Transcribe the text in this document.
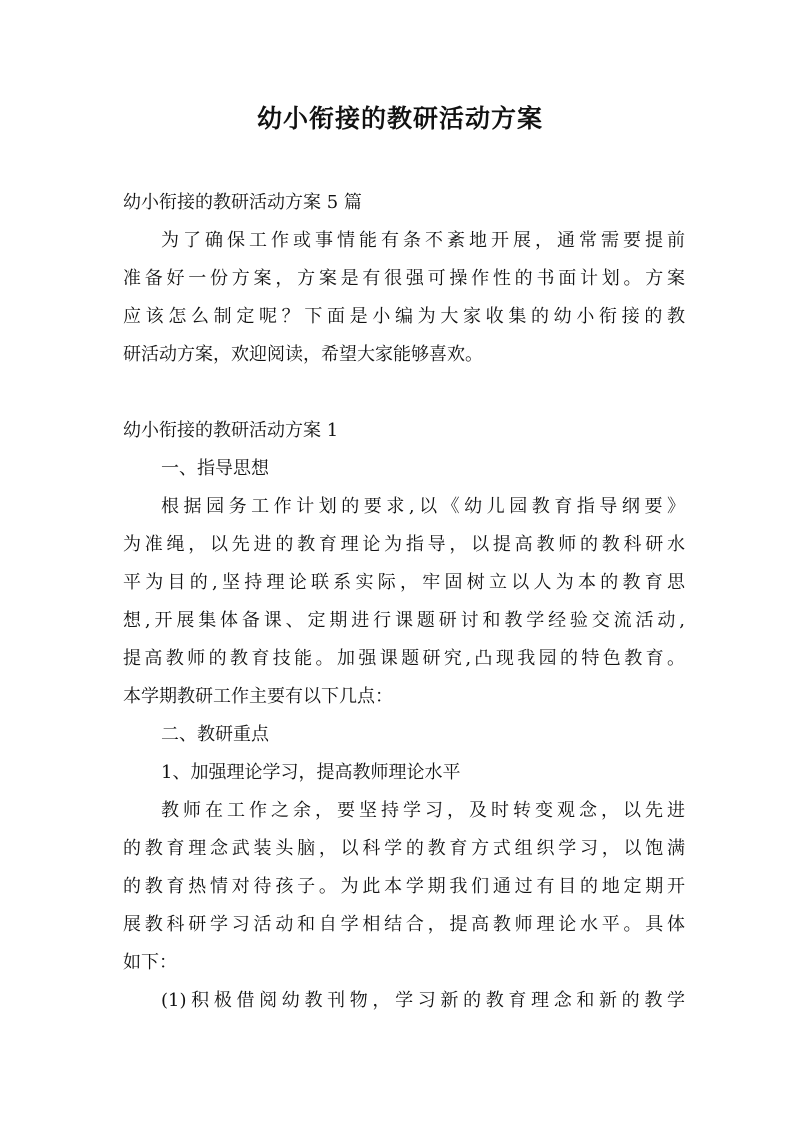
幼小衔接的教研活动方案

幼小衔接的教研活动方案 5 篇

为了确保工作或事情能有条不紊地开展，通常需要提前

准备好一份方案，方案是有很强可操作性的书面计划。方案

应该怎么制定呢？下面是小编为大家收集的幼小衔接的教

研活动方案，欢迎阅读，希望大家能够喜欢。

幼小衔接的教研活动方案 1

一、指导思想

根据园务工作计划的要求,以《幼儿园教育指导纲要》

为准绳，以先进的教育理论为指导，以提高教师的教科研水

平为目的,坚持理论联系实际，牢固树立以人为本的教育思

想,开展集体备课、定期进行课题研讨和教学经验交流活动,

提高教师的教育技能。加强课题研究,凸现我园的特色教育。

本学期教研工作主要有以下几点：

二、教研重点

1、加强理论学习，提高教师理论水平

教师在工作之余，要坚持学习，及时转变观念，以先进

的教育理念武装头脑，以科学的教育方式组织学习，以饱满

的教育热情对待孩子。为此本学期我们通过有目的地定期开

展教科研学习活动和自学相结合，提高教师理论水平。具体

如下：

(1)积极借阅幼教刊物，学习新的教育理念和新的教学
